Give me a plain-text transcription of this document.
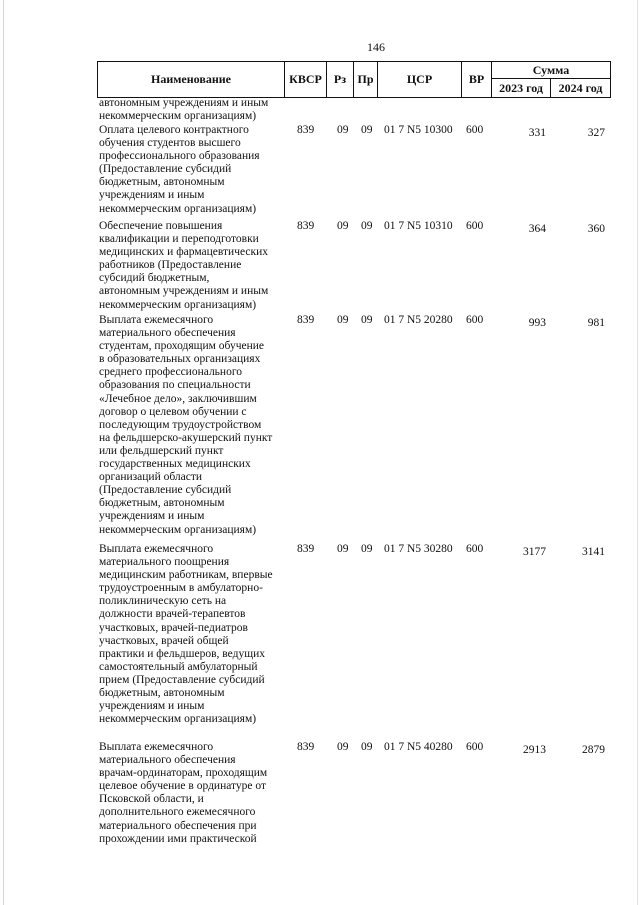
146
Наименование	КВСР	Рз Пр	ЦСР	ВР
Сумма
2023 год	2024 год
автономным учреждениям и иным
некоммерческим организациям)
Оплата целевого контрактного
обучения студентов высшего
профессионального образования
(Предоставление субсидий
бюджетным, автономным
учреждениям и иным
некоммерческим организациям)
839 09 09 01 7 N5 10300 600	331	327
Обеспечение повышения
квалификации и переподготовки
медицинских и фармацевтических
работников (Предоставление
субсидий бюджетным,
автономным учреждениям и иным
некоммерческим организациям)
839 09 09 01 7 N5 10310 600	364	360
Выплата ежемесячного
материального обеспечения
студентам, проходящим обучение
в образовательных организациях
среднего профессионального
образования по специальности
«Лечебное дело», заключившим
договор о целевом обучении с
последующим трудоустройством
на фельдшерско-акушерский пункт
или фельдшерский пункт
государственных медицинских
организаций области
(Предоставление субсидий
бюджетным, автономным
учреждениям и иным
некоммерческим организациям)
839 09 09 01 7 N5 20280 600	993	981
Выплата ежемесячного
материального поощрения
медицинским работникам, впервые
трудоустроенным в амбулаторно-
поликлиническую сеть на
должности врачей-терапевтов
участковых, врачей-педиатров
участковых, врачей общей
практики и фельдшеров, ведущих
самостоятельный амбулаторный
прием (Предоставление субсидий
бюджетным, автономным
учреждениям и иным
некоммерческим организациям)
839 09 09 01 7 N5 30280 600	3177	3141
Выплата ежемесячного
материального обеспечения
врачам-ординаторам, проходящим
целевое обучение в ординатуре от
Псковской области, и
дополнительного ежемесячного
материального обеспечения при
прохождении ими практической
839 09 09 01 7 N5 40280 600	2913	2879
